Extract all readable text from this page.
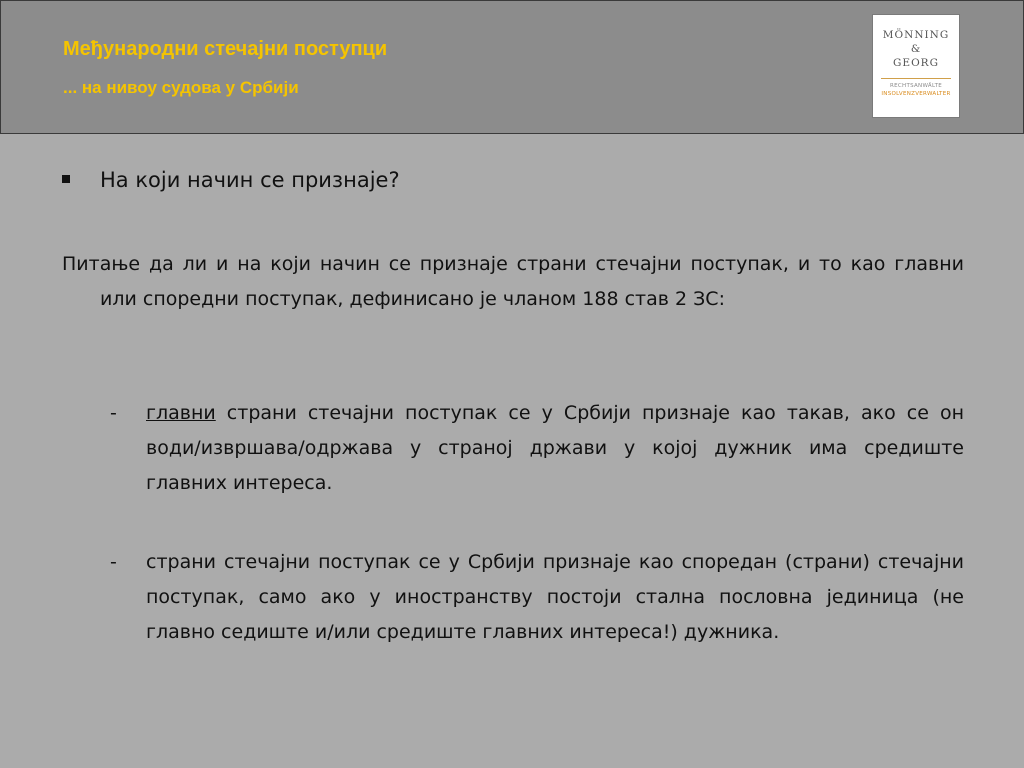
Међународни стечајни поступци
... на нивоу судова у Србији
MÖNNING
&
GEORG
RECHTSANWÄLTE
INSOLVENZVERWALTER
На који начин се признаје?
Питање да ли и на који начин се признаје страни стечајни поступак, и то као главни или споредни поступак, дефинисано је чланом 188 став 2 ЗС:
- главни страни стечајни поступак се у Србији признаје као такав, ако се он води/извршава/одржава у страној држави у којој дужник има средиште главних интереса.
- страни стечајни поступак се у Србији признаје као споредан (страни) стечајни поступак, само ако у иностранству постоји стална пословна јединица (не главно седиште и/или средиште главних интереса!) дужника.
